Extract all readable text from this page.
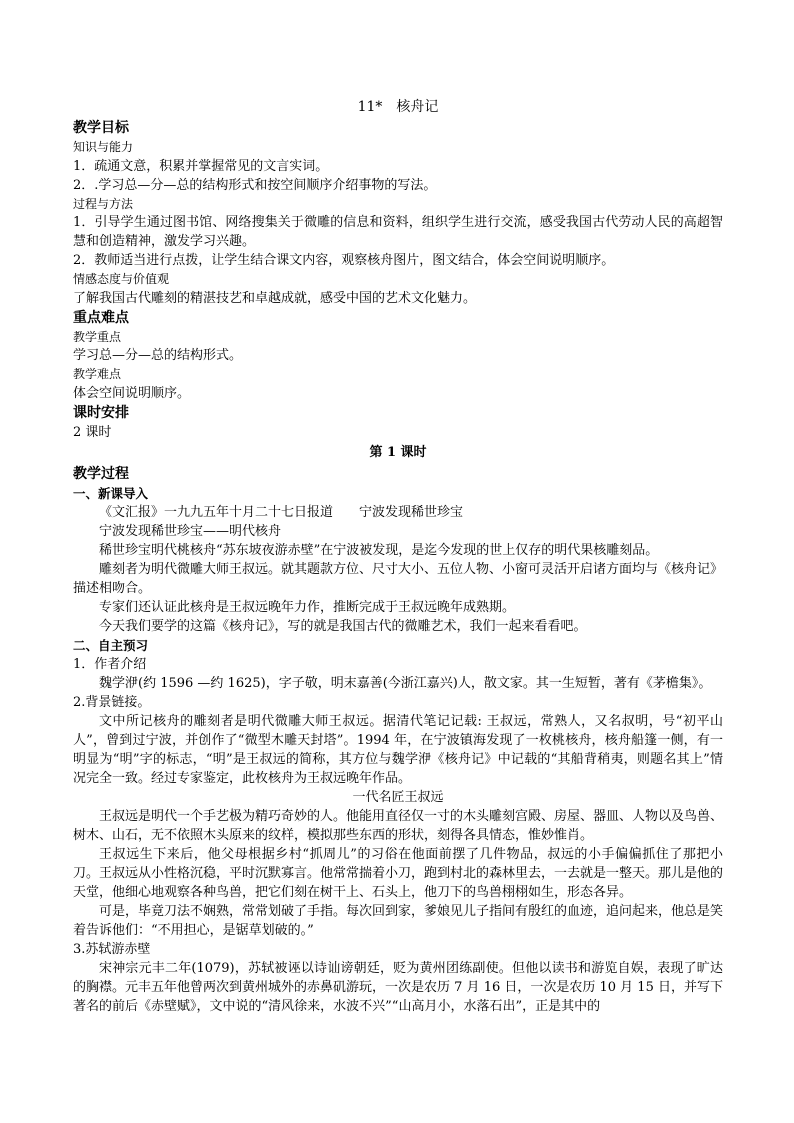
11*　核舟记

教学目标

知识与能力

1．疏通文意，积累并掌握常见的文言实词。

2．.学习总—分—总的结构形式和按空间顺序介绍事物的写法。

过程与方法

1．引导学生通过图书馆、网络搜集关于微雕的信息和资料，组织学生进行交流，感受我国古代劳动人民的高超智慧和创造精神，激发学习兴趣。

2．教师适当进行点拨，让学生结合课文内容，观察核舟图片，图文结合，体会空间说明顺序。

情感态度与价值观

了解我国古代雕刻的精湛技艺和卓越成就，感受中国的艺术文化魅力。

重点难点

教学重点

学习总—分—总的结构形式。

教学难点

体会空间说明顺序。

课时安排

2 课时

第 1 课时

教学过程

一、新课导入

《文汇报》一九九五年十月二十七日报道　　宁波发现稀世珍宝

宁波发现稀世珍宝——明代核舟

稀世珍宝明代桃核舟“苏东坡夜游赤壁”在宁波被发现，是迄今发现的世上仅存的明代果核雕刻品。

雕刻者为明代微雕大师王叔远。就其题款方位、尺寸大小、五位人物、小窗可灵活开启诸方面均与《核舟记》描述相吻合。

专家们还认证此核舟是王叔远晚年力作，推断完成于王叔远晚年成熟期。

今天我们要学的这篇《核舟记》，写的就是我国古代的微雕艺术，我们一起来看看吧。

二、自主预习

1．作者介绍

魏学洢(约 1596 —约 1625)，字子敬，明末嘉善(今浙江嘉兴)人，散文家。其一生短暂，著有《茅檐集》。

2.背景链接。

文中所记核舟的雕刻者是明代微雕大师王叔远。据清代笔记记载: 王叔远，常熟人，又名叔明，号“初平山人”，曾到过宁波，并创作了“微型木雕天封塔”。1994 年，在宁波镇海发现了一枚桃核舟，核舟船篷一侧，有一明显为“明”字的标志，“明”是王叔远的简称，其方位与魏学洢《核舟记》中记载的“其船背稍夷，则题名其上”情况完全一致。经过专家鉴定，此枚核舟为王叔远晚年作品。

一代名匠王叔远

王叔远是明代一个手艺极为精巧奇妙的人。他能用直径仅一寸的木头雕刻宫殿、房屋、器皿、人物以及鸟兽、树木、山石，无不依照木头原来的纹样，模拟那些东西的形状，刻得各具情态，惟妙惟肖。

王叔远生下来后，他父母根据乡村“抓周儿”的习俗在他面前摆了几件物品，叔远的小手偏偏抓住了那把小刀。王叔远从小性格沉稳，平时沉默寡言。他常常揣着小刀，跑到村北的森林里去，一去就是一整天。那儿是他的天堂，他细心地观察各种鸟兽，把它们刻在树干上、石头上，他刀下的鸟兽栩栩如生，形态各异。

可是，毕竟刀法不娴熟，常常划破了手指。每次回到家，爹娘见儿子指间有殷红的血迹，追问起来，他总是笑着告诉他们：“不用担心，是锯草划破的。”

3.苏轼游赤壁

宋神宗元丰二年(1079)，苏轼被诬以诗讪谤朝廷，贬为黄州团练副使。但他以读书和游览自娱，表现了旷达的胸襟。元丰五年他曾两次到黄州城外的赤鼻矶游玩，一次是农历 7 月 16 日，一次是农历 10 月 15 日，并写下著名的前后《赤壁赋》，文中说的“清风徐来，水波不兴”“山高月小，水落石出”，正是其中的
